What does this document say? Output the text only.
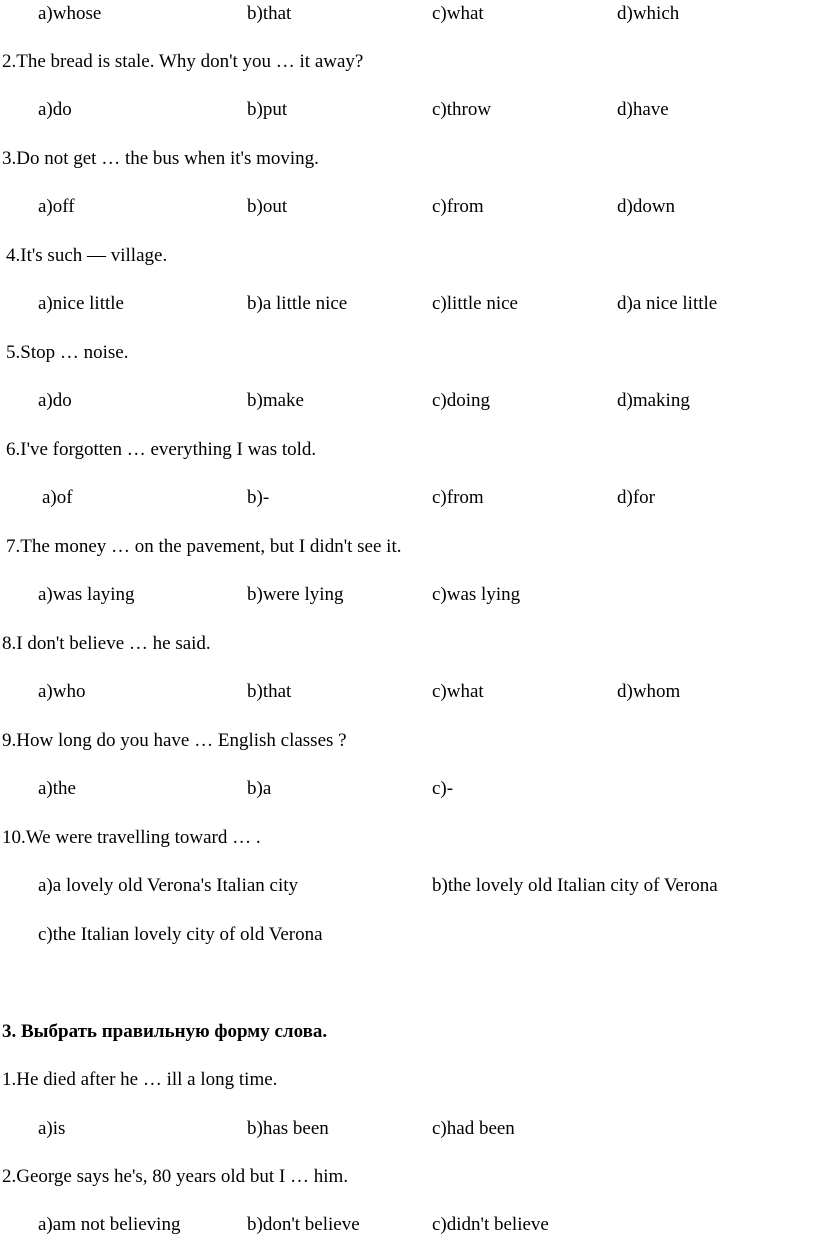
a)whose	b)that	c)what	d)which
2.The bread is stale. Why don't you … it away?
a)do	b)put	c)throw	d)have
3.Do not get … the bus when it's moving.
a)off	b)out	c)from	d)down
4.It's such — village.
a)nice little	b)a little nice	c)little nice	d)a nice little
5.Stop … noise.
a)do	b)make	c)doing	d)making
6.I've forgotten … everything I was told.
a)of	b)-	c)from	d)for
7.The money … on the pavement, but I didn't see it.
a)was laying	b)were lying	c)was lying
8.I don't believe … he said.
a)who	b)that	c)what	d)whom
9.How long do you have … English classes ?
a)the	b)a	c)-
10.We were travelling toward … .
a)a lovely old Verona's Italian city	b)the lovely old Italian city of Verona
c)the Italian lovely city of old Verona
3. Выбрать правильную форму слова.
1.He died after he … ill a long time.
a)is	b)has been	c)had been
2.George says he's, 80 years old but I … him.
a)am not believing	b)don't believe	c)didn't believe
